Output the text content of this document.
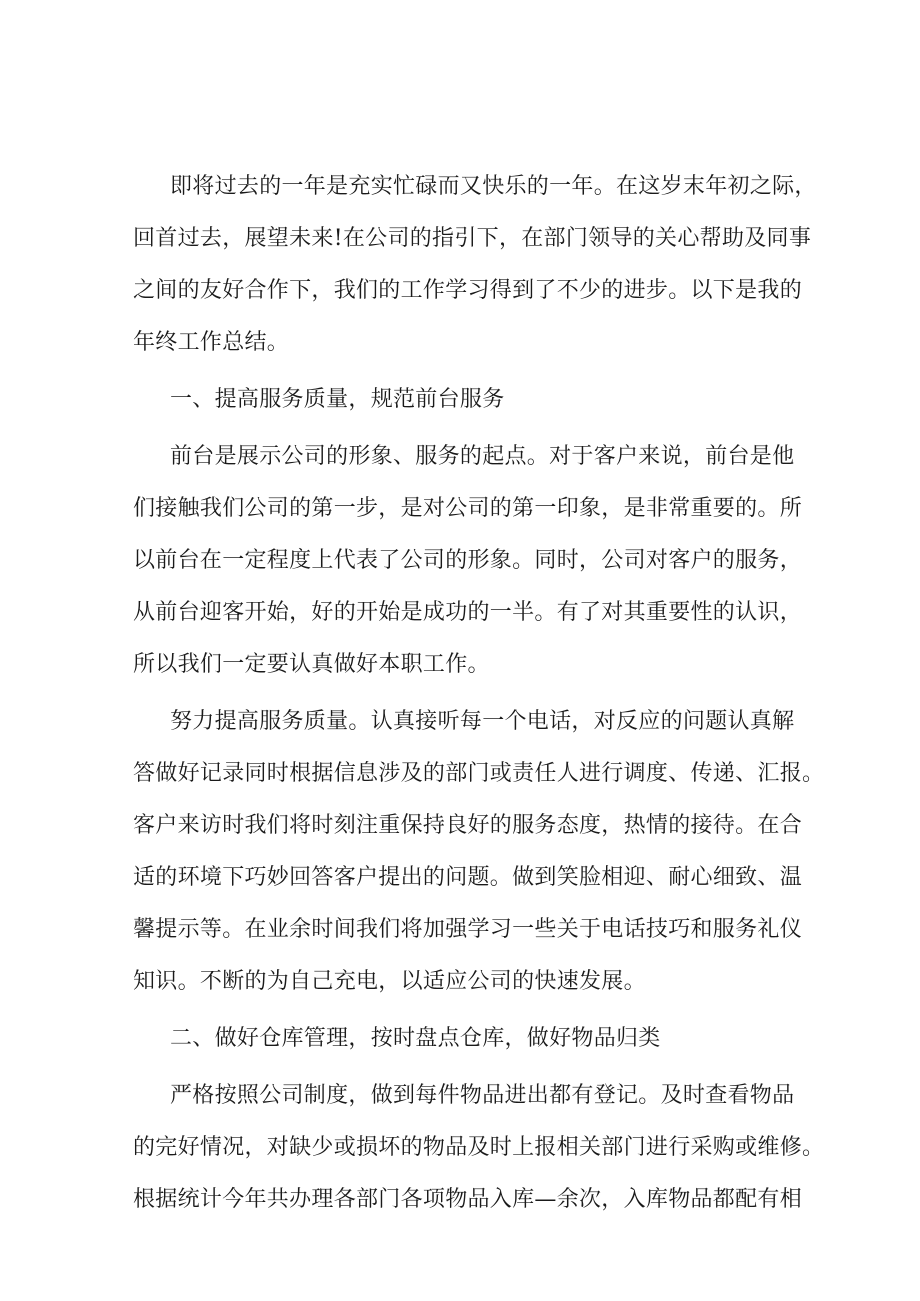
即将过去的一年是充实忙碌而又快乐的一年。在这岁末年初之际，
回首过去，展望未来!在公司的指引下，在部门领导的关心帮助及同事
之间的友好合作下，我们的工作学习得到了不少的进步。以下是我的
年终工作总结。
一、提高服务质量，规范前台服务
前台是展示公司的形象、服务的起点。对于客户来说，前台是他
们接触我们公司的第一步，是对公司的第一印象，是非常重要的。所
以前台在一定程度上代表了公司的形象。同时，公司对客户的服务，
从前台迎客开始，好的开始是成功的一半。有了对其重要性的认识，
所以我们一定要认真做好本职工作。
努力提高服务质量。认真接听每一个电话，对反应的问题认真解
答做好记录同时根据信息涉及的部门或责任人进行调度、传递、汇报。
客户来访时我们将时刻注重保持良好的服务态度，热情的接待。在合
适的环境下巧妙回答客户提出的问题。做到笑脸相迎、耐心细致、温
馨提示等。在业余时间我们将加强学习一些关于电话技巧和服务礼仪
知识。不断的为自己充电，以适应公司的快速发展。
二、做好仓库管理，按时盘点仓库，做好物品归类
严格按照公司制度，做到每件物品进出都有登记。及时查看物品
的完好情况，对缺少或损坏的物品及时上报相关部门进行采购或维修。
根据统计今年共办理各部门各项物品入库—余次，入库物品都配有相
